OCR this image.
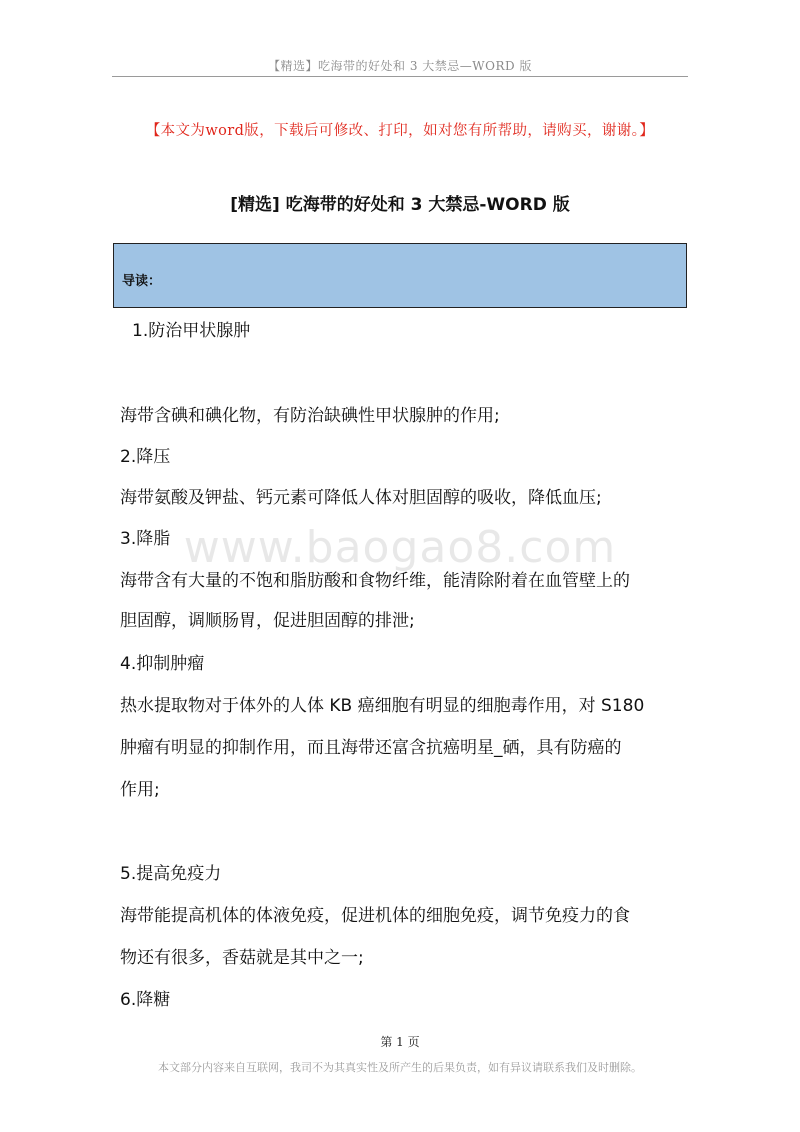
【精选】吃海带的好处和 3 大禁忌—WORD 版
【本文为word版，下载后可修改、打印，如对您有所帮助，请购买，谢谢。】
[精选] 吃海带的好处和 3 大禁忌-WORD 版
导读：
www.baogao8.com
1.防治甲状腺肿
海带含碘和碘化物，有防治缺碘性甲状腺肿的作用;
2.降压
海带氨酸及钾盐、钙元素可降低人体对胆固醇的吸收，降低血压;
3.降脂
海带含有大量的不饱和脂肪酸和食物纤维，能清除附着在血管壁上的
胆固醇，调顺肠胃，促进胆固醇的排泄;
4.抑制肿瘤
热水提取物对于体外的人体 KB 癌细胞有明显的细胞毒作用，对 S180
肿瘤有明显的抑制作用，而且海带还富含抗癌明星_硒，具有防癌的
作用;
5.提高免疫力
海带能提高机体的体液免疫，促进机体的细胞免疫，调节免疫力的食
物还有很多，香菇就是其中之一;
6.降糖
第 1 页
本文部分内容来自互联网，我司不为其真实性及所产生的后果负责，如有异议请联系我们及时删除。
